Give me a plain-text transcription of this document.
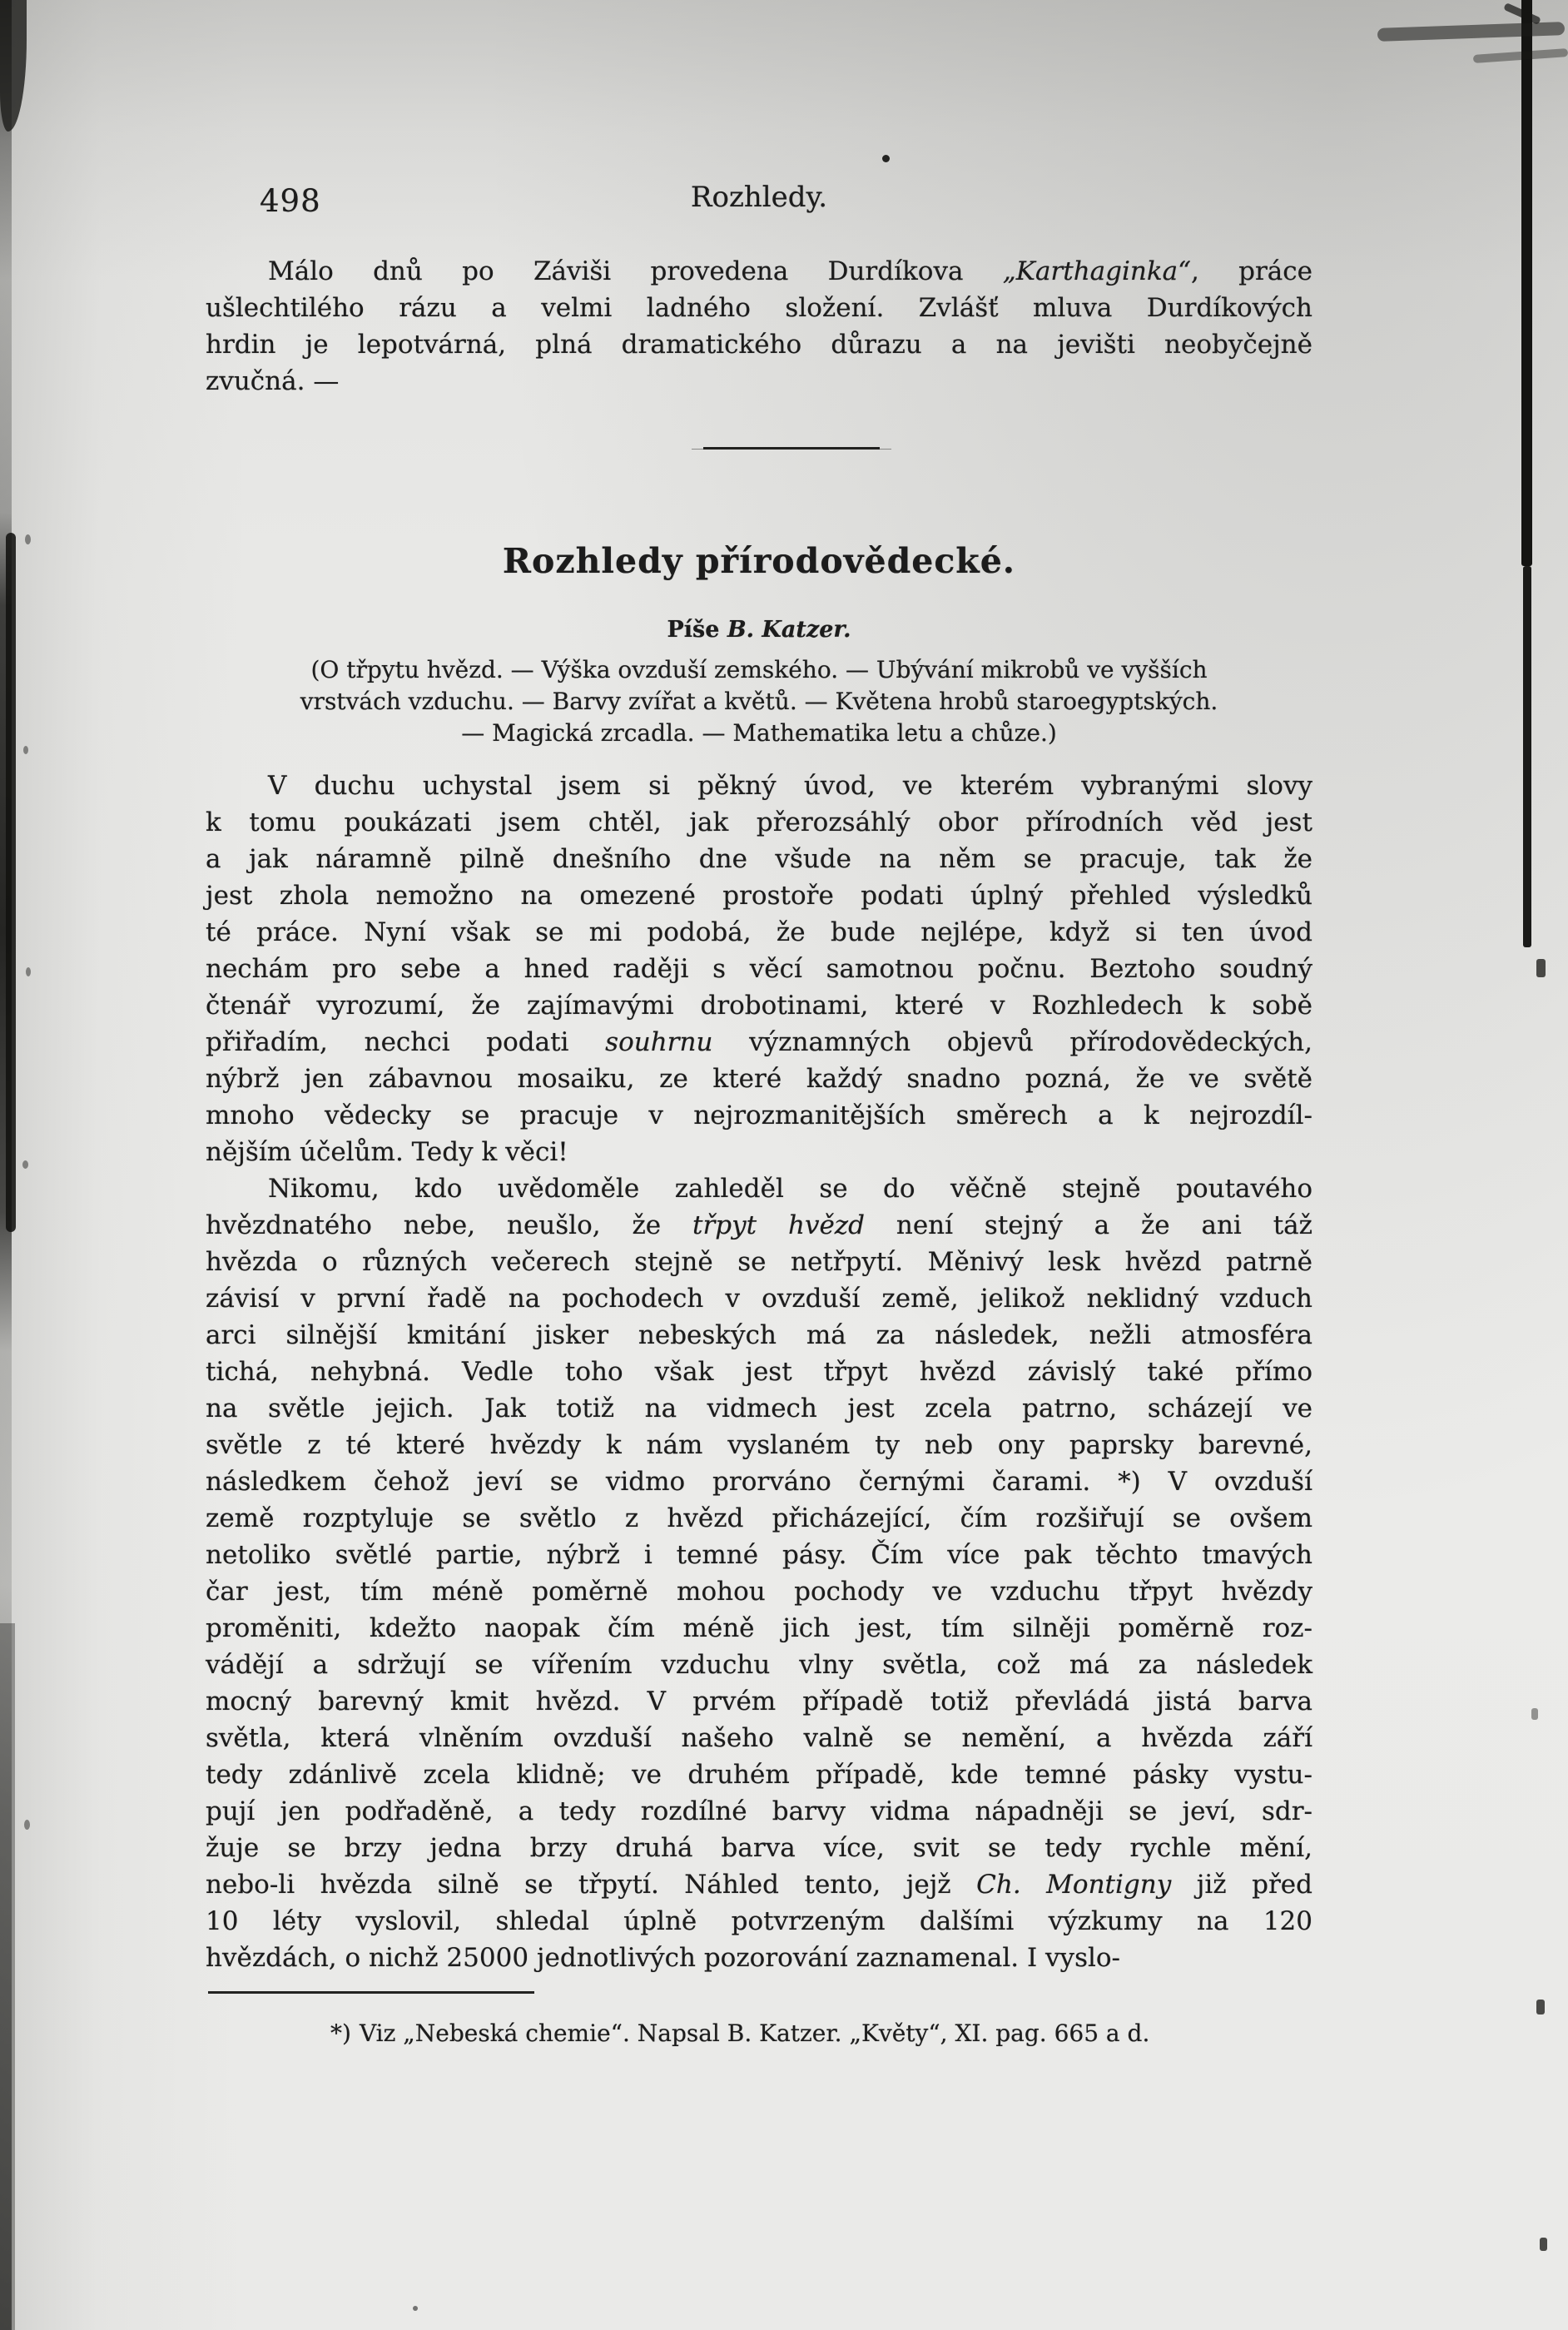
498	Rozhledy.
Málo dnů po Záviši provedena Durdíkova „Karthaginka“, práce
ušlechtilého rázu a velmi ladného složení. Zvlášť mluva Durdíkových
hrdin je lepotvárná, plná dramatického důrazu a na jevišti neobyčejně
zvučná. —
Rozhledy přírodovědecké.
Píše B. Katzer.
(O třpytu hvězd. — Výška ovzduší zemského. — Ubývání mikrobů ve vyšších
vrstvách vzduchu. — Barvy zvířat a květů. — Květena hrobů staroegyptských.
— Magická zrcadla. — Mathematika letu a chůze.)
V duchu uchystal jsem si pěkný úvod, ve kterém vybranými slovy
k tomu poukázati jsem chtěl, jak přerozsáhlý obor přírodních věd jest
a jak náramně pilně dnešního dne všude na něm se pracuje, tak že
jest zhola nemožno na omezené prostoře podati úplný přehled výsledků
té práce. Nyní však se mi podobá, že bude nejlépe, když si ten úvod
nechám pro sebe a hned raději s věcí samotnou počnu. Beztoho soudný
čtenář vyrozumí, že zajímavými drobotinami, které v Rozhledech k sobě
přiřadím, nechci podati souhrnu významných objevů přírodovědeckých,
nýbrž jen zábavnou mosaiku, ze které každý snadno pozná, že ve světě
mnoho vědecky se pracuje v nejrozmanitějších směrech a k nejrozdíl-
nějším účelům. Tedy k věci!
Nikomu, kdo uvědoměle zahleděl se do věčně stejně poutavého
hvězdnatého nebe, neušlo, že třpyt hvězd není stejný a že ani táž
hvězda o různých večerech stejně se netřpytí. Měnivý lesk hvězd patrně
závisí v první řadě na pochodech v ovzduší země, jelikož neklidný vzduch
arci silnější kmitání jisker nebeských má za následek, nežli atmosféra
tichá, nehybná. Vedle toho však jest třpyt hvězd závislý také přímo
na světle jejich. Jak totiž na vidmech jest zcela patrno, scházejí ve
světle z té které hvězdy k nám vyslaném ty neb ony paprsky barevné,
následkem čehož jeví se vidmo prorváno černými čarami. *) V ovzduší
země rozptyluje se světlo z hvězd přicházející, čím rozšiřují se ovšem
netoliko světlé partie, nýbrž i temné pásy. Čím více pak těchto tmavých
čar jest, tím méně poměrně mohou pochody ve vzduchu třpyt hvězdy
proměniti, kdežto naopak čím méně jich jest, tím silněji poměrně roz-
vádějí a sdržují se vířením vzduchu vlny světla, což má za následek
mocný barevný kmit hvězd. V prvém případě totiž převládá jistá barva
světla, která vlněním ovzduší našeho valně se nemění, a hvězda září
tedy zdánlivě zcela klidně; ve druhém případě, kde temné pásky vystu-
pují jen podřaděně, a tedy rozdílné barvy vidma nápadněji se jeví, sdr-
žuje se brzy jedna brzy druhá barva více, svit se tedy rychle mění,
nebo-li hvězda silně se třpytí. Náhled tento, jejž Ch. Montigny již před
10 léty vyslovil, shledal úplně potvrzeným dalšími výzkumy na 120
hvězdách, o nichž 25000 jednotlivých pozorování zaznamenal. I vyslo-
*) Viz „Nebeská chemie“. Napsal B. Katzer. „Květy“, XI. pag. 665 a d.
